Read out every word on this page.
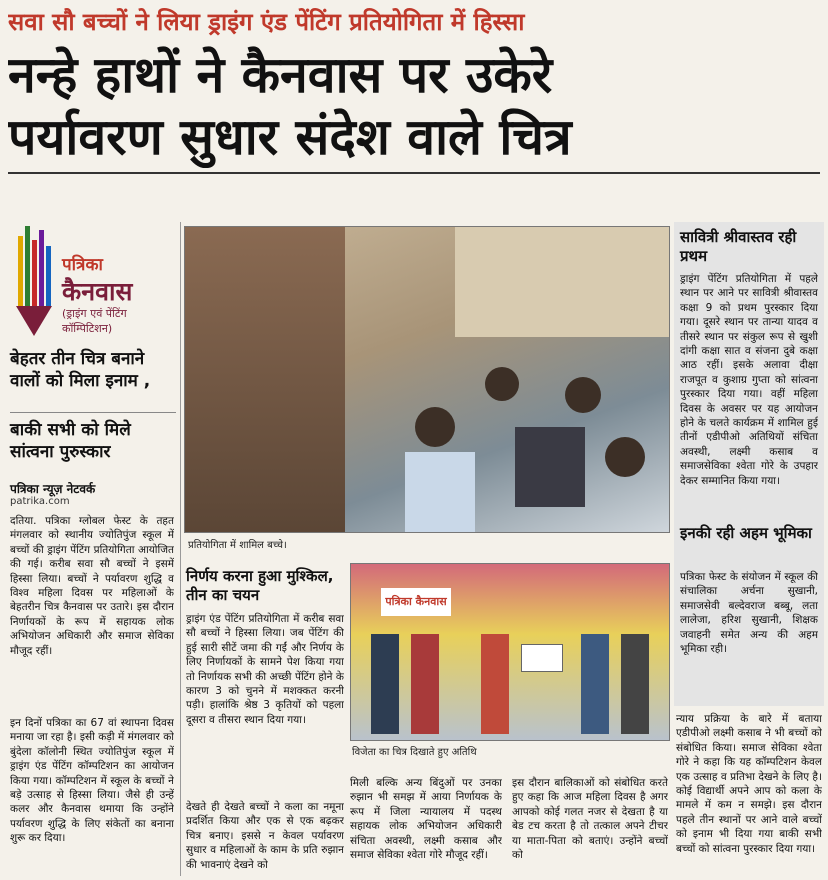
सवा सौ बच्चों ने लिया ड्राइंग एंड पेंटिंग प्रतियोगिता में हिस्सा
नन्हे हाथों ने कैनवास पर उकेरे
पर्यावरण सुधार संदेश वाले चित्र
पत्रिका
कैनवास
(ड्राइंग एवं पेंटिंग कॉम्पिटिशन)
बेहतर तीन चित्र बनाने वालों को मिला इनाम ,
बाकी सभी को मिले सांत्वना पुरुस्कार
पत्रिका न्यूज़ नेटवर्क
patrika.com
दतिया. पत्रिका ग्लोबल फेस्ट के तहत मंगलवार को स्थानीय ज्योतिपुंज स्कूल में बच्चों की ड्राइंग पेंटिंग प्रतियोगिता आयोजित की गई। करीब सवा सौ बच्चों ने इसमें हिस्सा लिया। बच्चों ने पर्यावरण शुद्धि व विश्व महिला दिवस पर महिलाओं के बेहतरीन चित्र कैनवास पर उतारे। इस दौरान निर्णायकों के रूप में सहायक लोक अभियोजन अधिकारी और समाज सेविका मौजूद रहीं।
इन दिनों पत्रिका का 67 वां स्थापना दिवस मनाया जा रहा है। इसी कड़ी में मंगलवार को बुंदेला कॉलोनी स्थित ज्योतिपुंज स्कूल में ड्राइंग एंड पेंटिंग कॉम्पटिशन का आयोजन किया गया। कॉम्पटिशन में स्कूल के बच्चों ने बड़े उत्साह से हिस्सा लिया। जैसे ही उन्हें कलर और कैनवास थमाया कि उन्होंने पर्यावरण शुद्धि के लिए संकेतों का बनाना शुरू कर दिया।
प्रतियोगिता में शामिल बच्चे।
निर्णय करना हुआ मुश्किल, तीन का चयन
ड्राइंग एंड पेंटिंग प्रतियोगिता में करीब सवा सौ बच्चों ने हिस्सा लिया। जब पेंटिंग की हुई सारी सीटें जमा की गईं और निर्णय के लिए निर्णायकों के सामने पेश किया गया तो निर्णायक सभी की अच्छी पेंटिंग होने के कारण 3 को चुनने में मशक्कत करनी पड़ी। हालांकि श्रेष्ठ 3 कृतियों को पहला दूसरा व तीसरा स्थान दिया गया।
पत्रिका कैनवास
विजेता का चित्र दिखाते हुए अतिथि
देखते ही देखते बच्चों ने कला का नमूना प्रदर्शित किया और एक से एक बढ़कर चित्र बनाए। इससे न केवल पर्यावरण सुधार व महिलाओं के काम के प्रति रुझान की भावनाएं देखने को
मिली बल्कि अन्य बिंदुओं पर उनका रुझान भी समझ में आया निर्णायक के रूप में जिला न्यायालय में पदस्थ सहायक लोक अभियोजन अधिकारी संचिता अवस्थी, लक्ष्मी कसाब और समाज सेविका श्वेता गोरे मौजूद रहीं।
इस दौरान बालिकाओं को संबोधित करते हुए कहा कि आज महिला दिवस है अगर आपको कोई गलत नजर से देखता है या बेड टच करता है तो तत्काल अपने टीचर या माता-पिता को बताएं। उन्होंने बच्चों को
सावित्री श्रीवास्तव रही प्रथम
ड्राइंग पेंटिंग प्रतियोगिता में पहले स्थान पर आने पर सावित्री श्रीवास्तव कक्षा 9 को प्रथम पुरस्कार दिया गया। दूसरे स्थान पर तान्या यादव व तीसरे स्थान पर संकुल रूप से खुशी दांगी कक्षा सात व संजना दुबे कक्षा आठ रहीं। इसके अलावा दीक्षा राजपूत व कुशाग्र गुप्ता को सांत्वना पुरस्कार दिया गया। वहीं महिला दिवस के अवसर पर यह आयोजन होने के चलते कार्यक्रम में शामिल हुई तीनों एडीपीओ अतिथियों संचिता अवस्थी, लक्ष्मी कसाब व समाजसेविका श्वेता गोरे के उपहार देकर सम्मानित किया गया।
इनकी रही अहम भूमिका
पत्रिका फेस्ट के संयोजन में स्कूल की संचालिका अर्चना सुखानी, समाजसेवी बल्देवराज बब्बू, लता लालेजा, हरिश सुखानी, शिक्षक जवाहनी समेत अन्य की अहम भूमिका रही।
न्याय प्रक्रिया के बारे में बताया एडीपीओ लक्ष्मी कसाब ने भी बच्चों को संबोधित किया। समाज सेविका श्वेता गोरे ने कहा कि यह कॉम्पटिशन केवल एक उत्साह व प्रतिभा देखने के लिए है। कोई विद्यार्थी अपने आप को कला के मामले में कम न समझे। इस दौरान पहले तीन स्थानों पर आने वाले बच्चों को इनाम भी दिया गया बाकी सभी बच्चों को सांत्वना पुरस्कार दिया गया।
